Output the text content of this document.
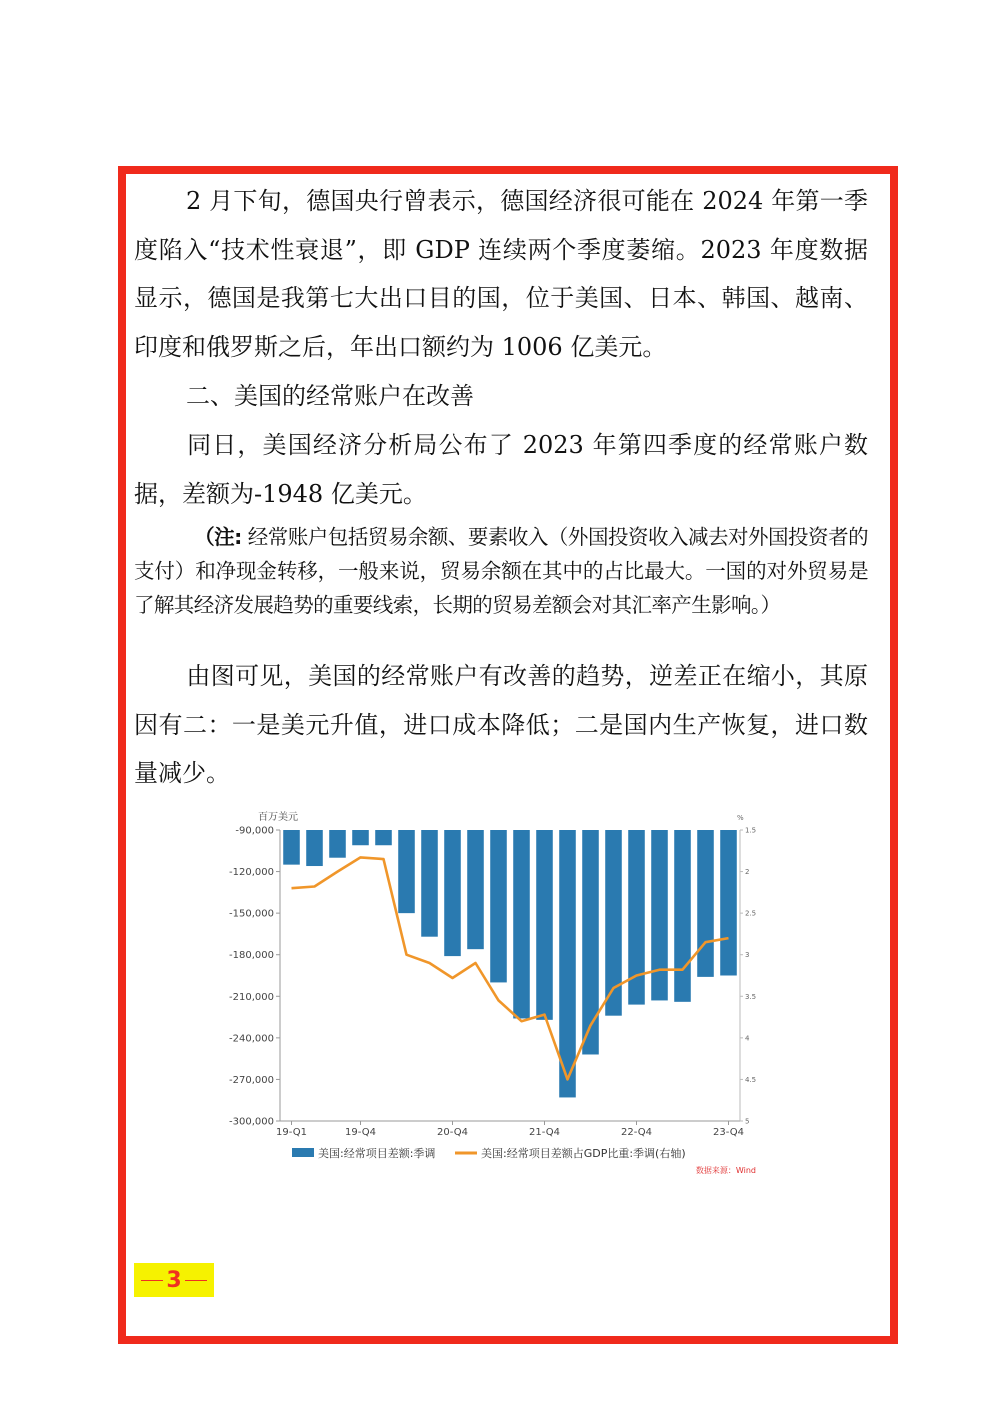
2 月下旬，德国央行曾表示，德国经济很可能在 2024 年第一季度陷入“技术性衰退”，即 GDP 连续两个季度萎缩。2023 年度数据显示，德国是我第七大出口目的国，位于美国、日本、韩国、越南、印度和俄罗斯之后，年出口额约为 1006 亿美元。

二、美国的经常账户在改善

同日，美国经济分析局公布了 2023 年第四季度的经常账户数据，差额为-1948 亿美元。

（注: 经常账户包括贸易余额、要素收入（外国投资收入减去对外国投资者的支付）和净现金转移，一般来说，贸易余额在其中的占比最大。一国的对外贸易是了解其经济发展趋势的重要线索，长期的贸易差额会对其汇率产生影响。）

由图可见，美国的经常账户有改善的趋势，逆差正在缩小，其原因有二：一是美元升值，进口成本降低；二是国内生产恢复，进口数量减少。

百万美元	%
-90,000
-120,000
-150,000
-180,000
-210,000
-240,000
-270,000
-300,000
1.5
2
2.5
3
3.5
4
4.5
5
19-Q1	19-Q4	20-Q4	21-Q4	22-Q4	23-Q4
美国:经常项目差额:季调	美国:经常项目差额占GDP比重:季调(右轴)
数据来源：Wind
3
